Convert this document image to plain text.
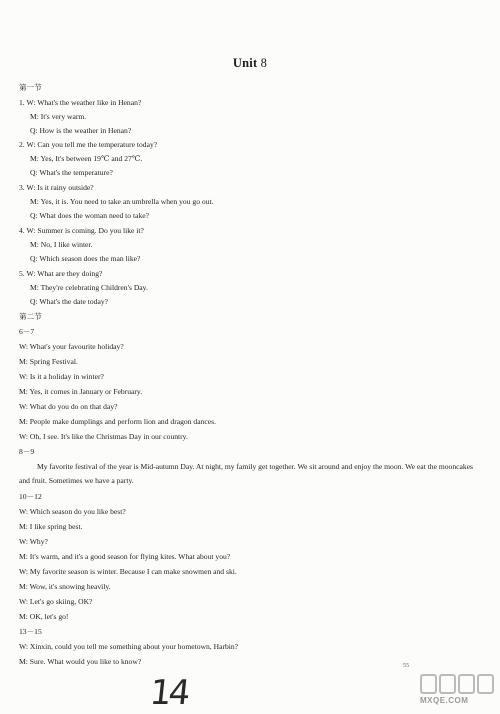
Unit 8
第一节
1. W: What's the weather like in Henan?
M: It's very warm.
Q: How is the weather in Henan?
2. W: Can you tell me the temperature today?
M: Yes, It's between 19℃ and 27℃.
Q: What's the temperature?
3. W: Is it rainy outside?
M: Yes, it is. You need to take an umbrella when you go out.
Q: What does the woman need to take?
4. W: Summer is coming. Do you like it?
M: No, I like winter.
Q: Which season does the man like?
5. W: What are they doing?
M: They're celebrating Children's Day.
Q: What's the date today?
第二节
6－7
W: What's your favourite holiday?
M: Spring Festival.
W: Is it a holiday in winter?
M: Yes, it comes in January or February.
W: What do you do on that day?
M: People make dumplings and perform lion and dragon dances.
W: Oh, I see. It's like the Christmas Day in our country.
8－9
My favorite festival of the year is Mid-autumn Day. At night, my family get together. We sit around and enjoy the moon. We eat the mooncakes and fruit. Sometimes we have a party.
10－12
W: Which season do you like best?
M: I like spring best.
W: Why?
M: It's warm, and it's a good season for flying kites. What about you?
W: My favorite season is winter. Because I can make snowmen and ski.
M: Wow, it's snowing heavily.
W: Let's go skiing, OK?
M: OK, let's go!
13－15
W: Xinxin, could you tell me something about your hometown, Harbin?
M: Sure. What would you like to know?	55
14	MXQE.COM
